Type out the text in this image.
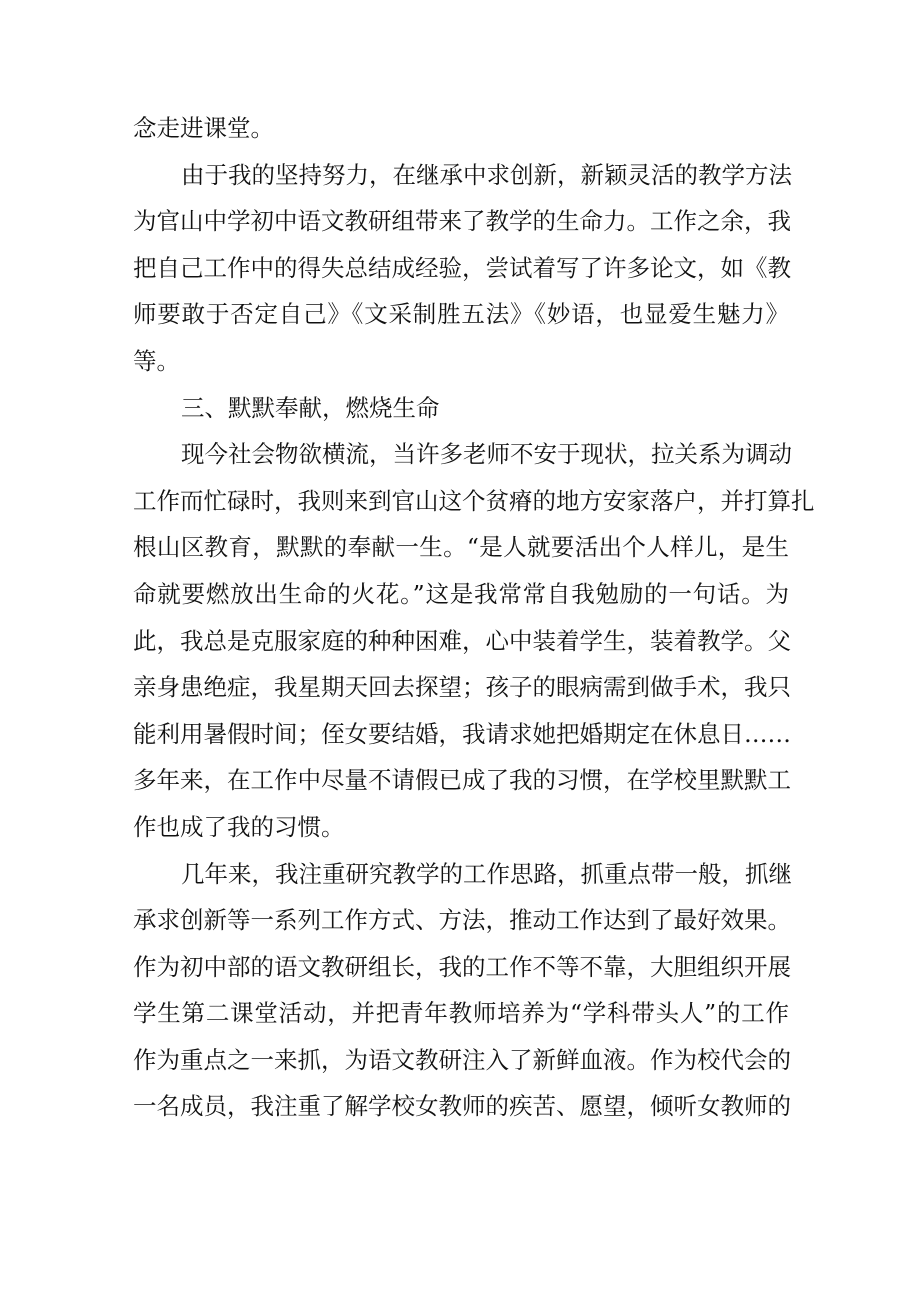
念走进课堂。
由于我的坚持努力，在继承中求创新，新颖灵活的教学方法
为官山中学初中语文教研组带来了教学的生命力。工作之余，我
把自己工作中的得失总结成经验，尝试着写了许多论文，如《教
师要敢于否定自己》《文采制胜五法》《妙语，也显爱生魅力》
等。
三、默默奉献，燃烧生命
现今社会物欲横流，当许多老师不安于现状，拉关系为调动
工作而忙碌时，我则来到官山这个贫瘠的地方安家落户，并打算扎
根山区教育，默默的奉献一生。“是人就要活出个人样儿，是生
命就要燃放出生命的火花。”这是我常常自我勉励的一句话。为
此，我总是克服家庭的种种困难，心中装着学生，装着教学。父
亲身患绝症，我星期天回去探望；孩子的眼病需到做手术，我只
能利用暑假时间；侄女要结婚，我请求她把婚期定在休息日……
多年来，在工作中尽量不请假已成了我的习惯，在学校里默默工
作也成了我的习惯。
几年来，我注重研究教学的工作思路，抓重点带一般，抓继
承求创新等一系列工作方式、方法，推动工作达到了最好效果。
作为初中部的语文教研组长，我的工作不等不靠，大胆组织开展
学生第二课堂活动，并把青年教师培养为“学科带头人”的工作
作为重点之一来抓，为语文教研注入了新鲜血液。作为校代会的
一名成员，我注重了解学校女教师的疾苦、愿望，倾听女教师的
